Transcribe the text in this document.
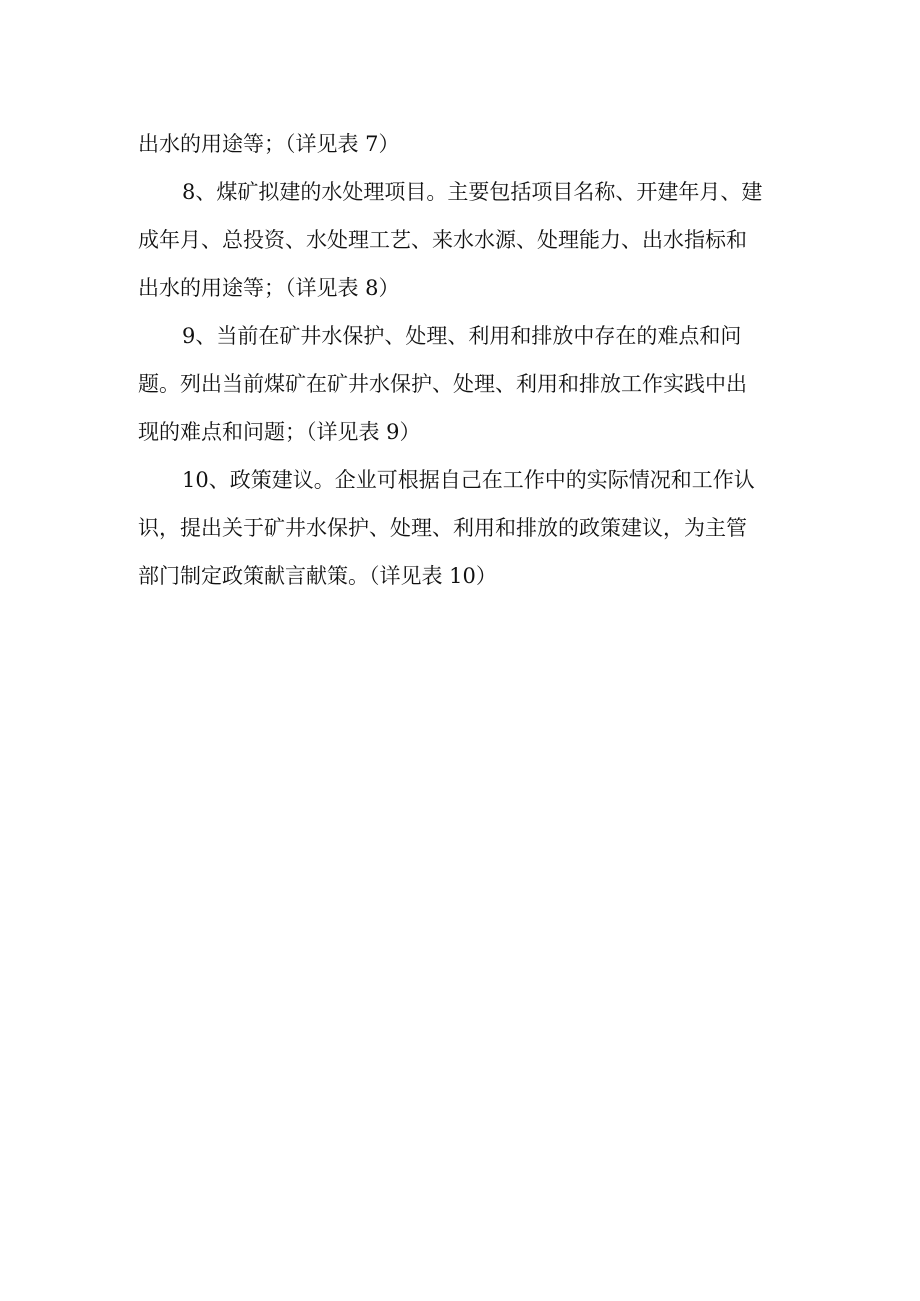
出水的用途等；（详见表 7）
8、煤矿拟建的水处理项目。主要包括项目名称、开建年月、建
成年月、总投资、水处理工艺、来水水源、处理能力、出水指标和
出水的用途等；（详见表 8）
9、当前在矿井水保护、处理、利用和排放中存在的难点和问
题。列出当前煤矿在矿井水保护、处理、利用和排放工作实践中出
现的难点和问题；（详见表 9）
10、政策建议。企业可根据自己在工作中的实际情况和工作认
识，提出关于矿井水保护、处理、利用和排放的政策建议，为主管
部门制定政策献言献策。（详见表 10）
